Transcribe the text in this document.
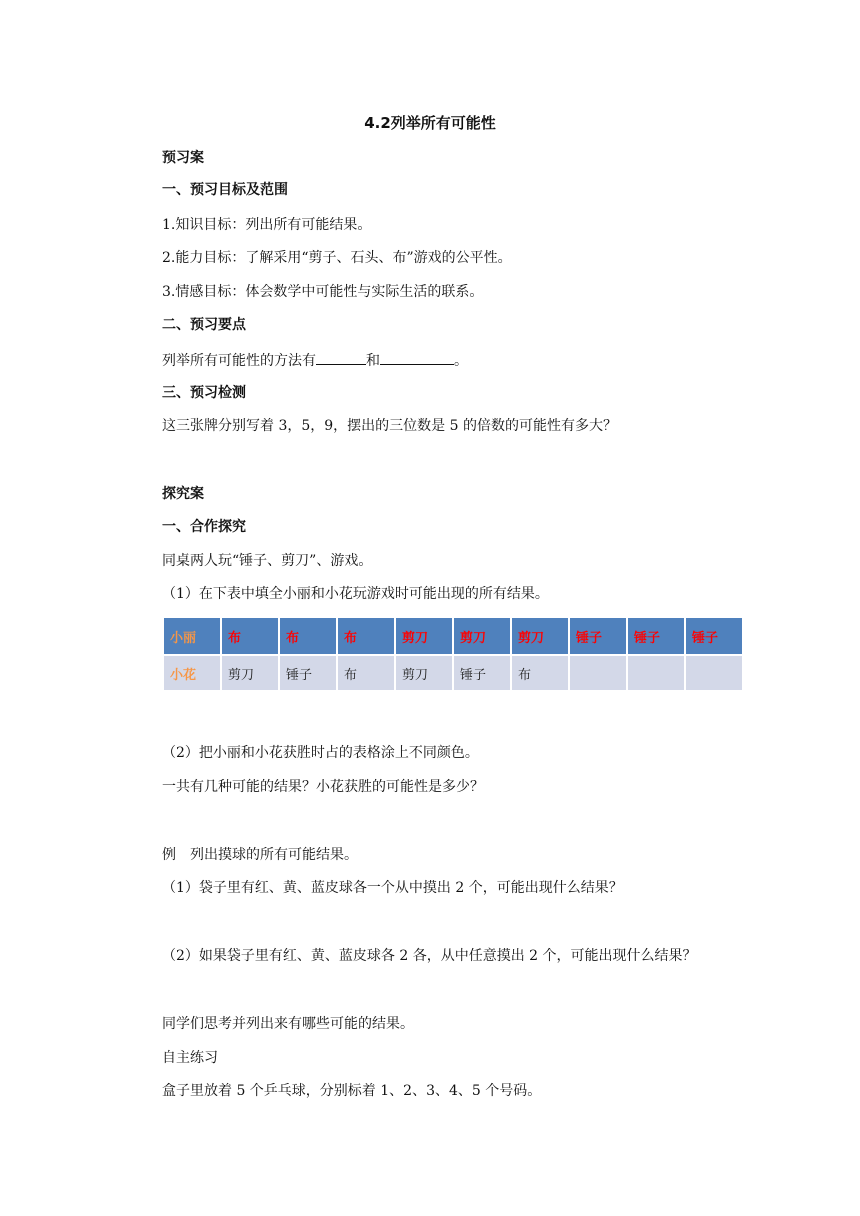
4.2列举所有可能性
预习案
一、预习目标及范围
1.知识目标：列出所有可能结果。
2.能力目标：了解采用“剪子、石头、布”游戏的公平性。
3.情感目标：体会数学中可能性与实际生活的联系。
二、预习要点
列举所有可能性的方法有	和	。
三、预习检测
这三张牌分别写着 3，5，9，摆出的三位数是 5 的倍数的可能性有多大？
探究案
一、合作探究
同桌两人玩“锤子、剪刀”、游戏。
（1）在下表中填全小丽和小花玩游戏时可能出现的所有结果。
小丽	布	布	布	剪刀	剪刀	剪刀	锤子	锤子	锤子
小花	剪刀	锤子	布	剪刀	锤子	布			
（2）把小丽和小花获胜时占的表格涂上不同颜色。
一共有几种可能的结果？小花获胜的可能性是多少？
例　列出摸球的所有可能结果。
（1）袋子里有红、黄、蓝皮球各一个从中摸出 2 个，可能出现什么结果？
（2）如果袋子里有红、黄、蓝皮球各 2 各，从中任意摸出 2 个，可能出现什么结果？
同学们思考并列出来有哪些可能的结果。
自主练习
盒子里放着 5 个乒乓球，分别标着 1、2、3、4、5 个号码。
